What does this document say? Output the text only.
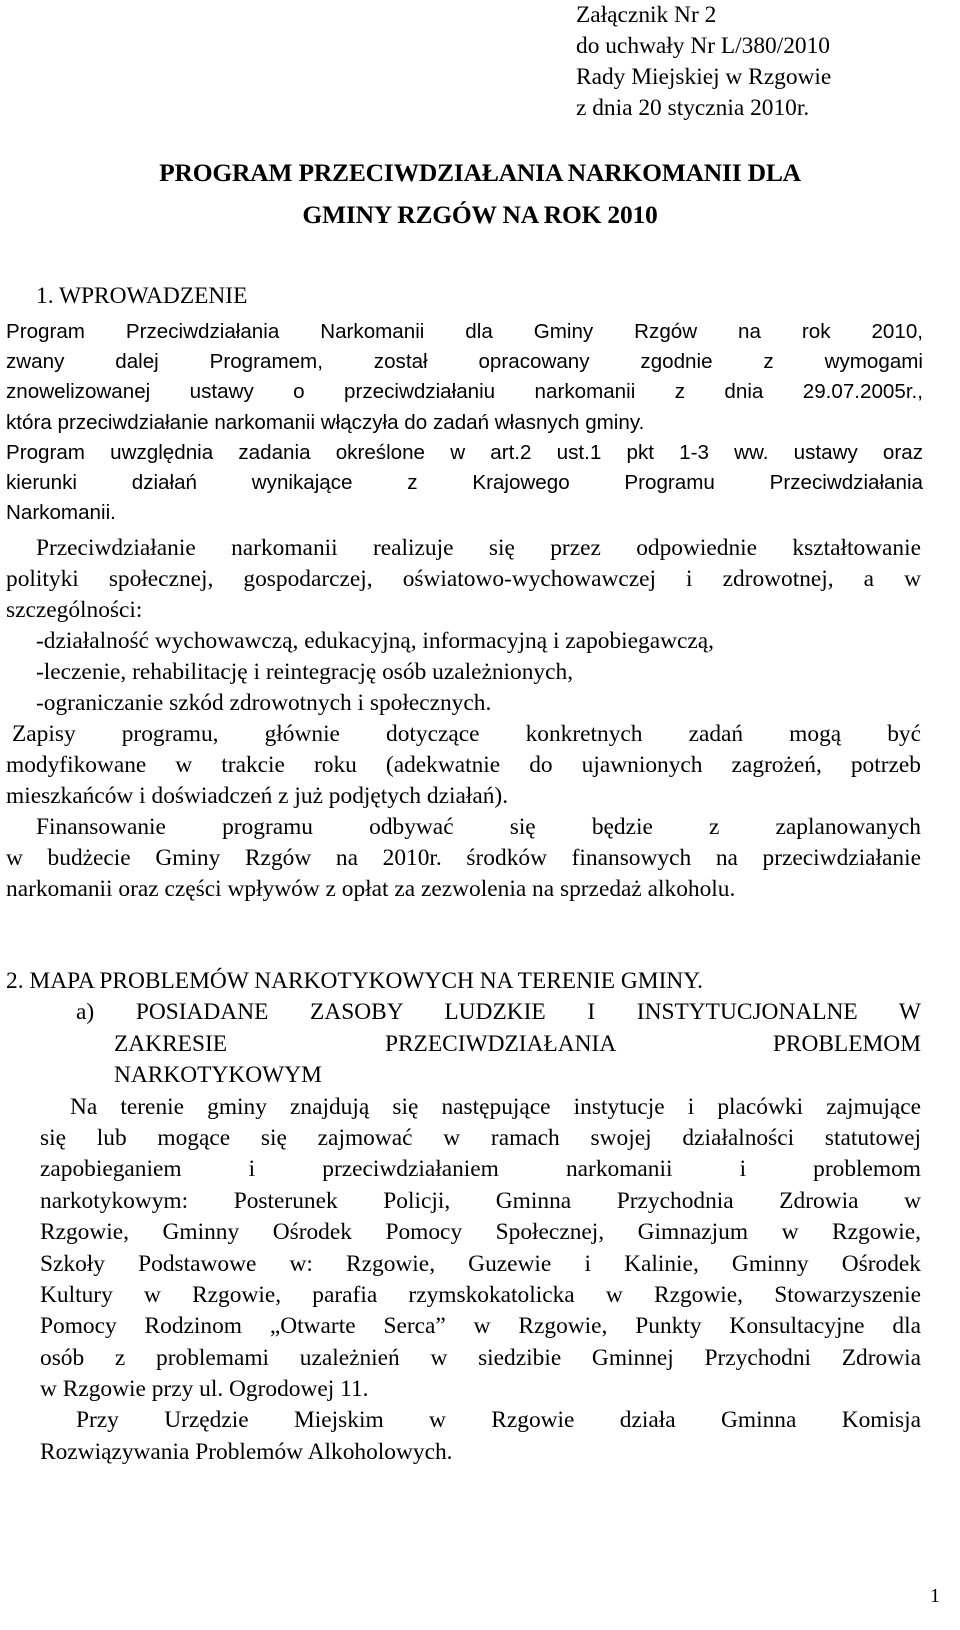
Załącznik Nr 2
do uchwały Nr L/380/2010
Rady Miejskiej w Rzgowie
z dnia 20 stycznia 2010r.
PROGRAM PRZECIWDZIAŁANIA NARKOMANII DLA
GMINY RZGÓW NA ROK 2010
1. WPROWADZENIE
Program Przeciwdziałania Narkomanii dla Gminy Rzgów na rok 2010,
zwany dalej Programem, został opracowany zgodnie z wymogami
znowelizowanej ustawy o przeciwdziałaniu narkomanii z dnia 29.07.2005r.,
która przeciwdziałanie narkomanii włączyła do zadań własnych gminy.
Program uwzględnia zadania określone w art.2 ust.1 pkt 1-3 ww. ustawy oraz
kierunki działań wynikające z Krajowego Programu Przeciwdziałania
Narkomanii.
Przeciwdziałanie narkomanii realizuje się przez odpowiednie kształtowanie
polityki społecznej, gospodarczej, oświatowo-wychowawczej i zdrowotnej, a w
szczególności:
-działalność wychowawczą, edukacyjną, informacyjną i zapobiegawczą,
-leczenie, rehabilitację i reintegrację osób uzależnionych,
-ograniczanie szkód zdrowotnych i społecznych.
Zapisy programu, głównie dotyczące konkretnych zadań mogą być
modyfikowane w trakcie roku (adekwatnie do ujawnionych zagrożeń, potrzeb
mieszkańców i doświadczeń z już podjętych działań).
Finansowanie programu odbywać się będzie z zaplanowanych
w budżecie Gminy Rzgów na 2010r. środków finansowych na przeciwdziałanie
narkomanii oraz części wpływów z opłat za zezwolenia na sprzedaż alkoholu.
2. MAPA PROBLEMÓW NARKOTYKOWYCH NA TERENIE GMINY.
a) POSIADANE ZASOBY LUDZKIE I INSTYTUCJONALNE W
ZAKRESIE PRZECIWDZIAŁANIA PROBLEMOM
NARKOTYKOWYM
Na terenie gminy znajdują się następujące instytucje i placówki zajmujące
się lub mogące się zajmować w ramach swojej działalności statutowej
zapobieganiem i przeciwdziałaniem narkomanii i problemom
narkotykowym: Posterunek Policji, Gminna Przychodnia Zdrowia w
Rzgowie, Gminny Ośrodek Pomocy Społecznej, Gimnazjum w Rzgowie,
Szkoły Podstawowe w: Rzgowie, Guzewie i Kalinie, Gminny Ośrodek
Kultury w Rzgowie, parafia rzymskokatolicka w Rzgowie, Stowarzyszenie
Pomocy Rodzinom „Otwarte Serca” w Rzgowie, Punkty Konsultacyjne dla
osób z problemami uzależnień w siedzibie Gminnej Przychodni Zdrowia
w Rzgowie przy ul. Ogrodowej 11.
Przy Urzędzie Miejskim w Rzgowie działa Gminna Komisja
Rozwiązywania Problemów Alkoholowych.
1
